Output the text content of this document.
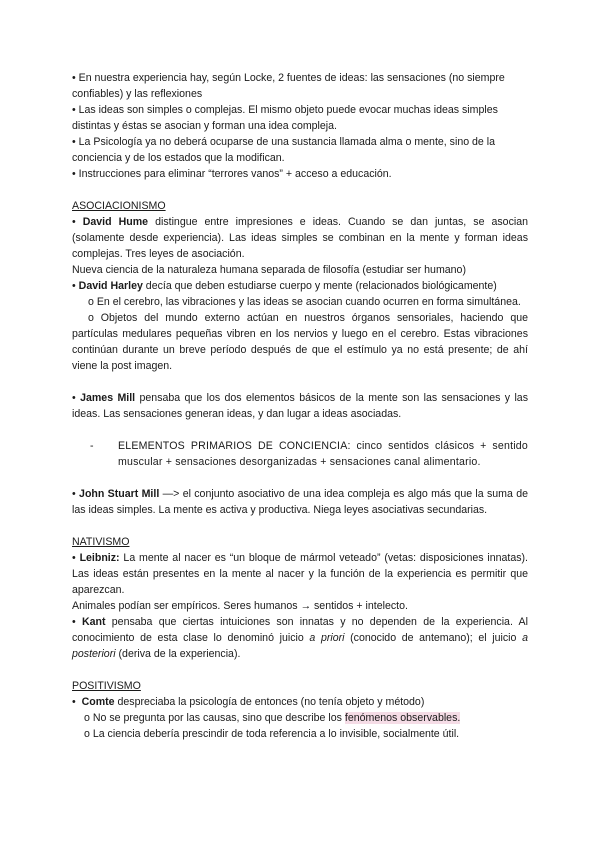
• En nuestra experiencia hay, según Locke, 2 fuentes de ideas: las sensaciones (no siempre confiables) y las reflexiones

• Las ideas son simples o complejas. El mismo objeto puede evocar muchas ideas simples distintas y éstas se asocian y forman una idea compleja.

• La Psicología ya no deberá ocuparse de una sustancia llamada alma o mente, sino de la conciencia y de los estados que la modifican.

• Instrucciones para eliminar “terrores vanos” + acceso a educación.

ASOCIACIONISMO

• David Hume distingue entre impresiones e ideas. Cuando se dan juntas, se asocian (solamente desde experiencia). Las ideas simples se combinan en la mente y forman ideas complejas. Tres leyes de asociación.

Nueva ciencia de la naturaleza humana separada de filosofía (estudiar ser humano)

• David Harley decía que deben estudiarse cuerpo y mente (relacionados biológicamente)

o En el cerebro, las vibraciones y las ideas se asocian cuando ocurren en forma simultánea.

o Objetos del mundo externo actúan en nuestros órganos sensoriales, haciendo que partículas medulares pequeñas vibren en los nervios y luego en el cerebro. Estas vibraciones continúan durante un breve período después de que el estímulo ya no está presente; de ahí viene la post imagen.

• James Mill pensaba que los dos elementos básicos de la mente son las sensaciones y las ideas. Las sensaciones generan ideas, y dan lugar a ideas asociadas.

-	ELEMENTOS PRIMARIOS DE CONCIENCIA: cinco sentidos clásicos + sentido muscular + sensaciones desorganizadas + sensaciones canal alimentario.

• John Stuart Mill —> el conjunto asociativo de una idea compleja es algo más que la suma de las ideas simples. La mente es activa y productiva. Niega leyes asociativas secundarias.

NATIVISMO

• Leibniz: La mente al nacer es “un bloque de mármol veteado” (vetas: disposiciones innatas). Las ideas están presentes en la mente al nacer y la función de la experiencia es permitir que aparezcan.

Animales podían ser empíricos. Seres humanos → sentidos + intelecto.

• Kant pensaba que ciertas intuiciones son innatas y no dependen de la experiencia. Al conocimiento de esta clase lo denominó juicio a priori (conocido de antemano); el juicio a posteriori (deriva de la experiencia).

POSITIVISMO

• Comte despreciaba la psicología de entonces (no tenía objeto y método)

o No se pregunta por las causas, sino que describe los fenómenos observables.

o La ciencia debería prescindir de toda referencia a lo invisible, socialmente útil.
